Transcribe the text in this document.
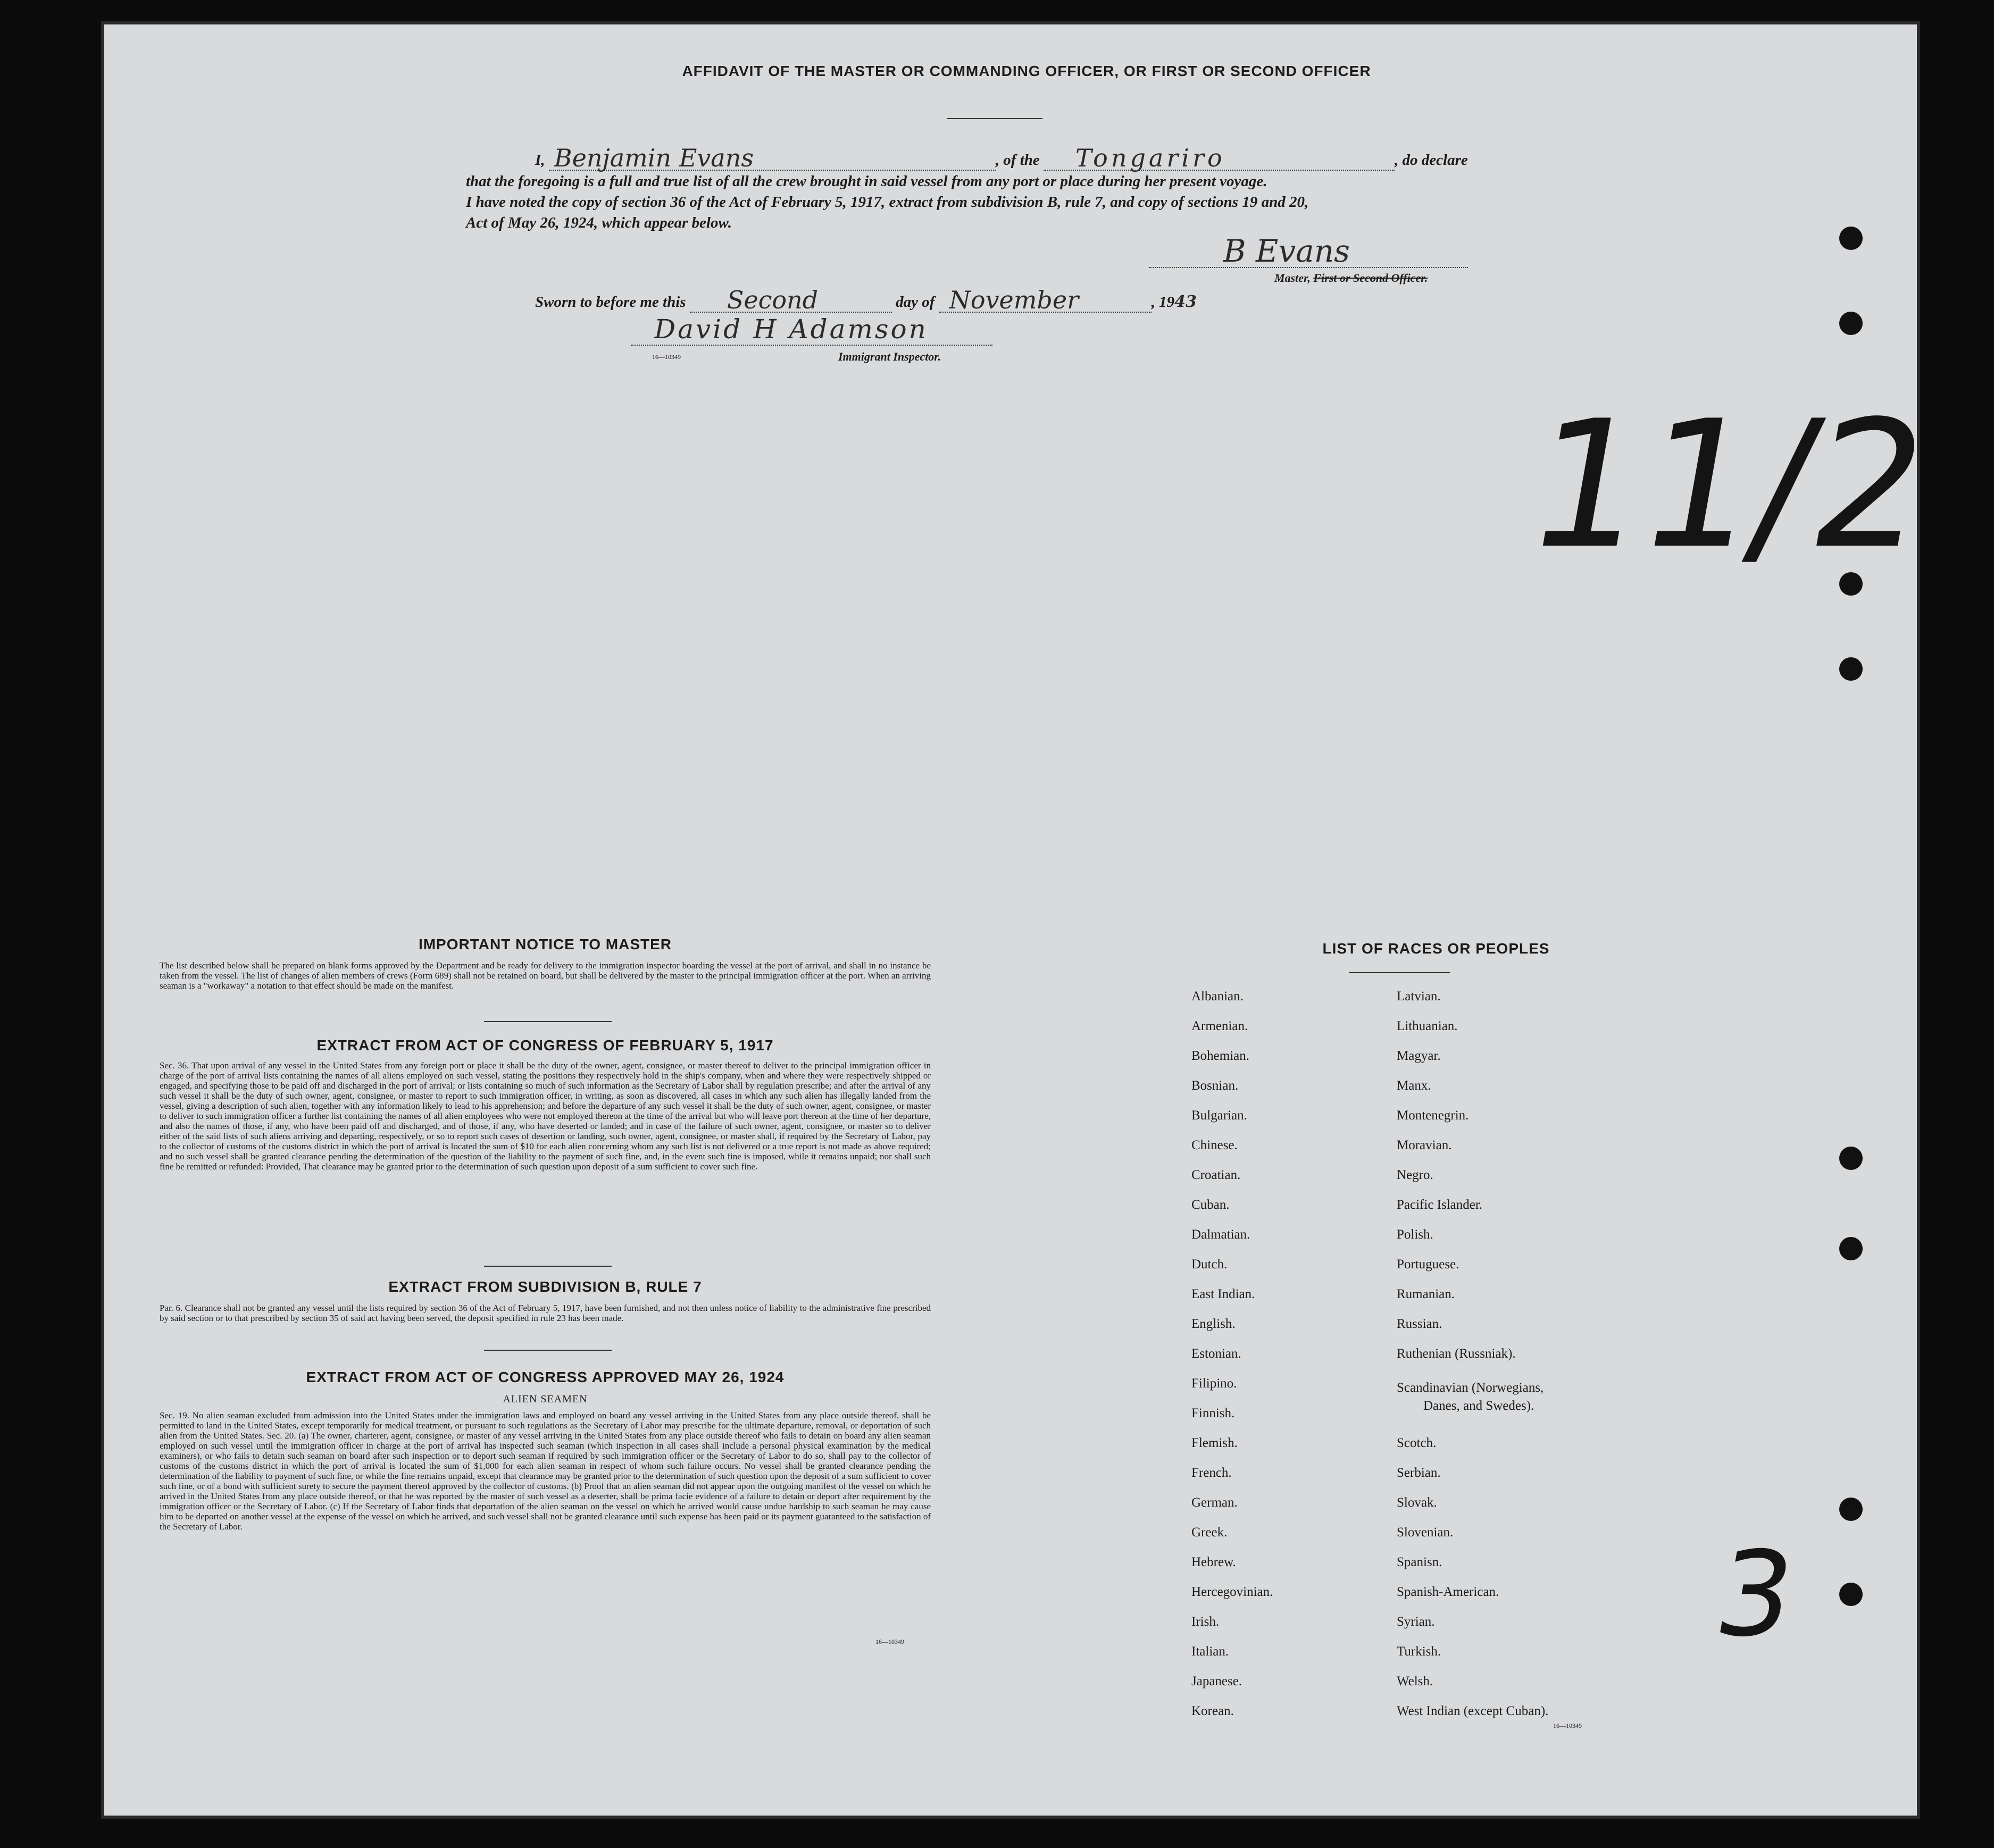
AFFIDAVIT OF THE MASTER OR COMMANDING OFFICER, OR FIRST OR SECOND OFFICER
I, Benjamin Evans	, of the Tongariro	, do declare
that the foregoing is a full and true list of all the crew brought in said vessel from any port or place during her present voyage.
I have noted the copy of section 36 of the Act of February 5, 1917, extract from subdivision B, rule 7, and copy of sections 19 and 20,
Act of May 26, 1924, which appear below.
B Evans
Master, First or Second Officer.
Sworn to before me this Second	day of November	, 1943
David H Adamson
16—10349	Immigrant Inspector.
11/2
3
IMPORTANT NOTICE TO MASTER
The list described below shall be prepared on blank forms approved by the Department and be ready for delivery to the immigration inspector boarding the vessel at the port of arrival, and shall in no instance be taken from the vessel. The list of changes of alien members of crews (Form 689) shall not be retained on board, but shall be delivered by the master to the principal immigration officer at the port. When an arriving seaman is a "workaway" a notation to that effect should be made on the manifest.
EXTRACT FROM ACT OF CONGRESS OF FEBRUARY 5, 1917
Sec. 36. That upon arrival of any vessel in the United States from any foreign port or place it shall be the duty of the owner, agent, consignee, or master thereof to deliver to the principal immigration officer in charge of the port of arrival lists containing the names of all aliens employed on such vessel, stating the positions they respectively hold in the ship's company, when and where they were respectively shipped or engaged, and specifying those to be paid off and discharged in the port of arrival; or lists containing so much of such information as the Secretary of Labor shall by regulation prescribe; and after the arrival of any such vessel it shall be the duty of such owner, agent, consignee, or master to report to such immigration officer, in writing, as soon as discovered, all cases in which any such alien has illegally landed from the vessel, giving a description of such alien, together with any information likely to lead to his apprehension; and before the departure of any such vessel it shall be the duty of such owner, agent, consignee, or master to deliver to such immigration officer a further list containing the names of all alien employees who were not employed thereon at the time of the arrival but who will leave port thereon at the time of her departure, and also the names of those, if any, who have been paid off and discharged, and of those, if any, who have deserted or landed; and in case of the failure of such owner, agent, consignee, or master so to deliver either of the said lists of such aliens arriving and departing, respectively, or so to report such cases of desertion or landing, such owner, agent, consignee, or master shall, if required by the Secretary of Labor, pay to the collector of customs of the customs district in which the port of arrival is located the sum of $10 for each alien concerning whom any such list is not delivered or a true report is not made as above required; and no such vessel shall be granted clearance pending the determination of the question of the liability to the payment of such fine, and, in the event such fine is imposed, while it remains unpaid; nor shall such fine be remitted or refunded: Provided, That clearance may be granted prior to the determination of such question upon deposit of a sum sufficient to cover such fine.
EXTRACT FROM SUBDIVISION B, RULE 7
Par. 6. Clearance shall not be granted any vessel until the lists required by section 36 of the Act of February 5, 1917, have been furnished, and not then unless notice of liability to the administrative fine prescribed by said section or to that prescribed by section 35 of said act having been served, the deposit specified in rule 23 has been made.
EXTRACT FROM ACT OF CONGRESS APPROVED MAY 26, 1924
ALIEN SEAMEN
Sec. 19. No alien seaman excluded from admission into the United States under the immigration laws and employed on board any vessel arriving in the United States from any place outside thereof, shall be permitted to land in the United States, except temporarily for medical treatment, or pursuant to such regulations as the Secretary of Labor may prescribe for the ultimate departure, removal, or deportation of such alien from the United States. Sec. 20. (a) The owner, charterer, agent, consignee, or master of any vessel arriving in the United States from any place outside thereof who fails to detain on board any alien seaman employed on such vessel until the immigration officer in charge at the port of arrival has inspected such seaman (which inspection in all cases shall include a personal physical examination by the medical examiners), or who fails to detain such seaman on board after such inspection or to deport such seaman if required by such immigration officer or the Secretary of Labor to do so, shall pay to the collector of customs of the customs district in which the port of arrival is located the sum of $1,000 for each alien seaman in respect of whom such failure occurs. No vessel shall be granted clearance pending the determination of the liability to payment of such fine, or while the fine remains unpaid, except that clearance may be granted prior to the determination of such question upon the deposit of a sum sufficient to cover such fine, or of a bond with sufficient surety to secure the payment thereof approved by the collector of customs. (b) Proof that an alien seaman did not appear upon the outgoing manifest of the vessel on which he arrived in the United States from any place outside thereof, or that he was reported by the master of such vessel as a deserter, shall be prima facie evidence of a failure to detain or deport after requirement by the immigration officer or the Secretary of Labor. (c) If the Secretary of Labor finds that deportation of the alien seaman on the vessel on which he arrived would cause undue hardship to such seaman he may cause him to be deported on another vessel at the expense of the vessel on which he arrived, and such vessel shall not be granted clearance until such expense has been paid or its payment guaranteed to the satisfaction of the Secretary of Labor.
16—10349
LIST OF RACES OR PEOPLES
Albanian.
Armenian.
Bohemian.
Bosnian.
Bulgarian.
Chinese.
Croatian.
Cuban.
Dalmatian.
Dutch.
East Indian.
English.
Estonian.
Filipino.
Finnish.
Flemish.
French.
German.
Greek.
Hebrew.
Hercegovinian.
Irish.
Italian.
Japanese.
Korean.
Latvian.
Lithuanian.
Magyar.
Manx.
Montenegrin.
Moravian.
Negro.
Pacific Islander.
Polish.
Portuguese.
Rumanian.
Russian.
Ruthenian (Russniak).
Scandinavian (Norwegians,
Danes, and Swedes).
Scotch.
Serbian.
Slovak.
Slovenian.
Spanisn.
Spanish-American.
Syrian.
Turkish.
Welsh.
West Indian (except Cuban).
16—10349
